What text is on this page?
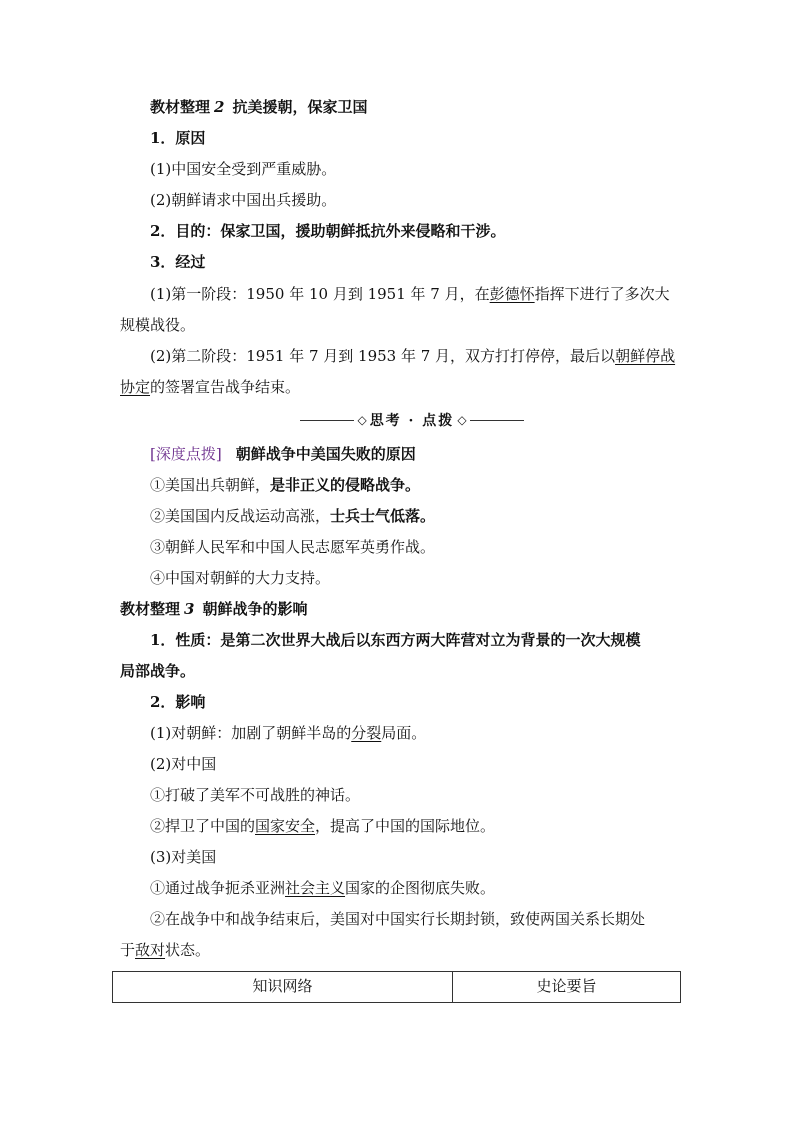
教材整理 2 抗美援朝，保家卫国
1．原因
(1)中国安全受到严重威胁。
(2)朝鲜请求中国出兵援助。
2．目的：保家卫国，援助朝鲜抵抗外来侵略和干涉。
3．经过
(1)第一阶段：1950 年 10 月到 1951 年 7 月，在彭德怀指挥下进行了多次大
规模战役。
(2)第二阶段：1951 年 7 月到 1953 年 7 月，双方打打停停，最后以朝鲜停战
协定的签署宣告战争结束。
◇ 思考 · 点拨 ◇
[深度点拨] 朝鲜战争中美国失败的原因
①美国出兵朝鲜，是非正义的侵略战争。
②美国国内反战运动高涨，士兵士气低落。
③朝鲜人民军和中国人民志愿军英勇作战。
④中国对朝鲜的大力支持。
教材整理 3 朝鲜战争的影响
1．性质：是第二次世界大战后以东西方两大阵营对立为背景的一次大规模
局部战争。
2．影响
(1)对朝鲜：加剧了朝鲜半岛的分裂局面。
(2)对中国
①打破了美军不可战胜的神话。
②捍卫了中国的国家安全，提高了中国的国际地位。
(3)对美国
①通过战争扼杀亚洲社会主义国家的企图彻底失败。
②在战争中和战争结束后，美国对中国实行长期封锁，致使两国关系长期处
于敌对状态。
知识网络	史论要旨
